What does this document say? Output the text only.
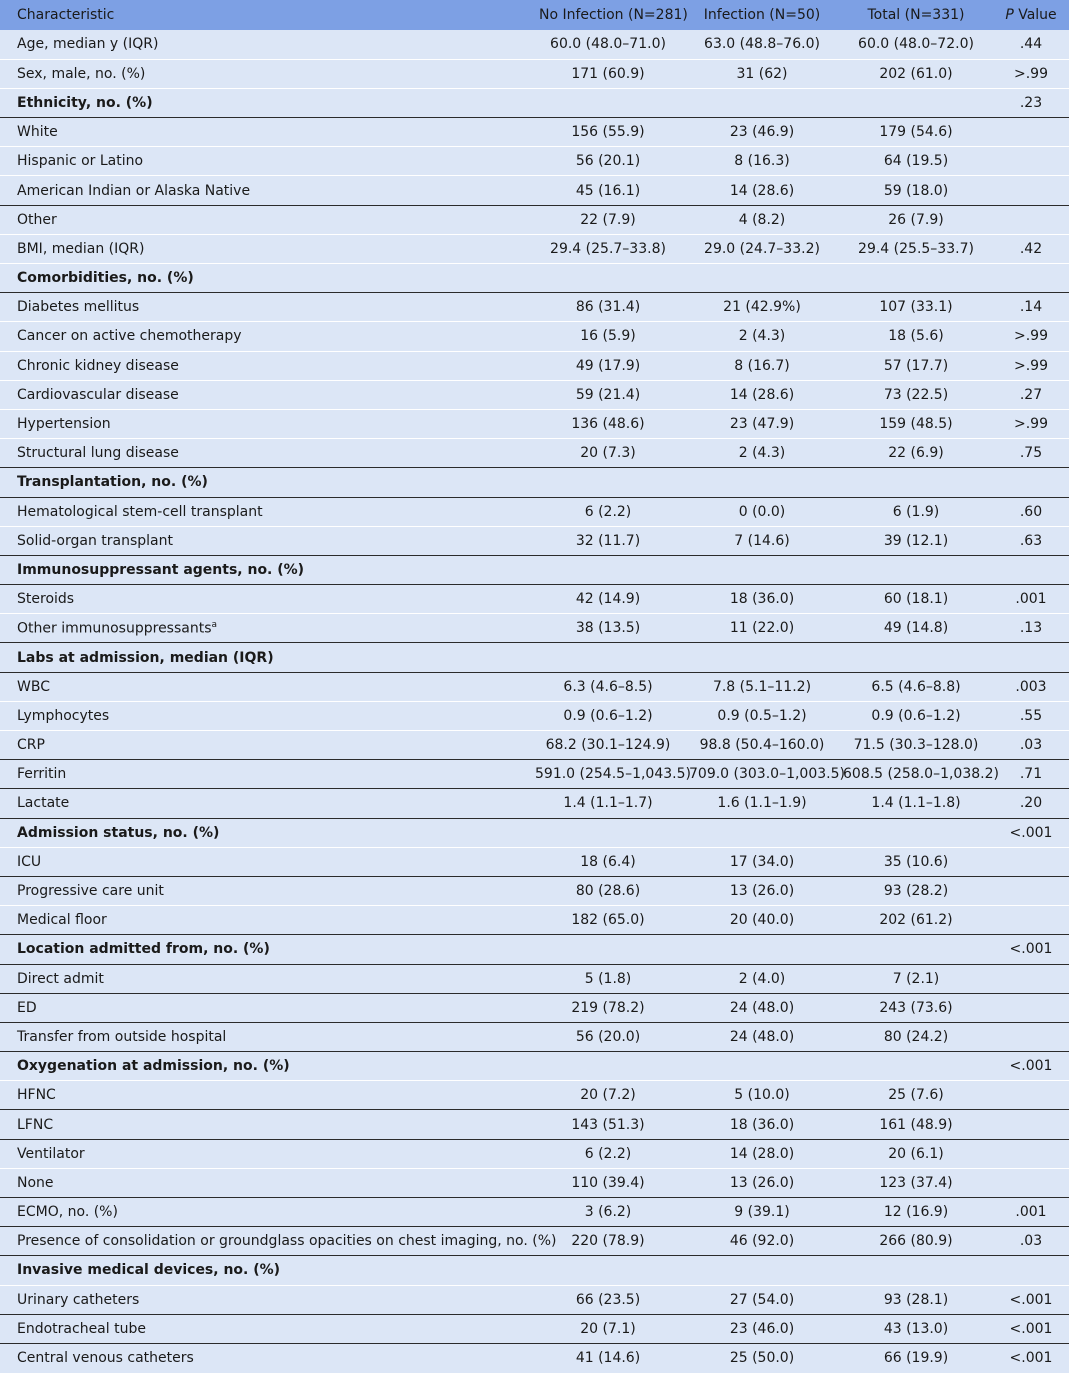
Characteristic	No Infection (N=281)	Infection (N=50)	Total (N=331)	P Value
Age, median y (IQR)	60.0 (48.0–71.0)	63.0 (48.8–76.0)	60.0 (48.0–72.0)	.44
Sex, male, no. (%)	171 (60.9)	31 (62)	202 (61.0)	>.99
Ethnicity, no. (%)				.23
White	156 (55.9)	23 (46.9)	179 (54.6)	
Hispanic or Latino	56 (20.1)	8 (16.3)	64 (19.5)	
American Indian or Alaska Native	45 (16.1)	14 (28.6)	59 (18.0)	
Other	22 (7.9)	4 (8.2)	26 (7.9)	
BMI, median (IQR)	29.4 (25.7–33.8)	29.0 (24.7–33.2)	29.4 (25.5–33.7)	.42
Comorbidities, no. (%)				
Diabetes mellitus	86 (31.4)	21 (42.9%)	107 (33.1)	.14
Cancer on active chemotherapy	16 (5.9)	2 (4.3)	18 (5.6)	>.99
Chronic kidney disease	49 (17.9)	8 (16.7)	57 (17.7)	>.99
Cardiovascular disease	59 (21.4)	14 (28.6)	73 (22.5)	.27
Hypertension	136 (48.6)	23 (47.9)	159 (48.5)	>.99
Structural lung disease	20 (7.3)	2 (4.3)	22 (6.9)	.75
Transplantation, no. (%)				
Hematological stem-cell transplant	6 (2.2)	0 (0.0)	6 (1.9)	.60
Solid-organ transplant	32 (11.7)	7 (14.6)	39 (12.1)	.63
Immunosuppressant agents, no. (%)				
Steroids	42 (14.9)	18 (36.0)	60 (18.1)	.001
Other immunosuppressants$^a$	38 (13.5)	11 (22.0)	49 (14.8)	.13
Labs at admission, median (IQR)				
WBC	6.3 (4.6–8.5)	7.8 (5.1–11.2)	6.5 (4.6–8.8)	.003
Lymphocytes	0.9 (0.6–1.2)	0.9 (0.5–1.2)	0.9 (0.6–1.2)	.55
CRP	68.2 (30.1–124.9)	98.8 (50.4–160.0)	71.5 (30.3–128.0)	.03
Ferritin	591.0 (254.5–1,043.5)	709.0 (303.0–1,003.5)	608.5 (258.0–1,038.2)	.71
Lactate	1.4 (1.1–1.7)	1.6 (1.1–1.9)	1.4 (1.1–1.8)	.20
Admission status, no. (%)				<.001
ICU	18 (6.4)	17 (34.0)	35 (10.6)	
Progressive care unit	80 (28.6)	13 (26.0)	93 (28.2)	
Medical floor	182 (65.0)	20 (40.0)	202 (61.2)	
Location admitted from, no. (%)				<.001
Direct admit	5 (1.8)	2 (4.0)	7 (2.1)	
ED	219 (78.2)	24 (48.0)	243 (73.6)	
Transfer from outside hospital	56 (20.0)	24 (48.0)	80 (24.2)	
Oxygenation at admission, no. (%)				<.001
HFNC	20 (7.2)	5 (10.0)	25 (7.6)	
LFNC	143 (51.3)	18 (36.0)	161 (48.9)	
Ventilator	6 (2.2)	14 (28.0)	20 (6.1)	
None	110 (39.4)	13 (26.0)	123 (37.4)	
ECMO, no. (%)	3 (6.2)	9 (39.1)	12 (16.9)	.001
Presence of consolidation or groundglass opacities on chest imaging, no. (%)	220 (78.9)	46 (92.0)	266 (80.9)	.03
Invasive medical devices, no. (%)				
Urinary catheters	66 (23.5)	27 (54.0)	93 (28.1)	<.001
Endotracheal tube	20 (7.1)	23 (46.0)	43 (13.0)	<.001
Central venous catheters	41 (14.6)	25 (50.0)	66 (19.9)	<.001
